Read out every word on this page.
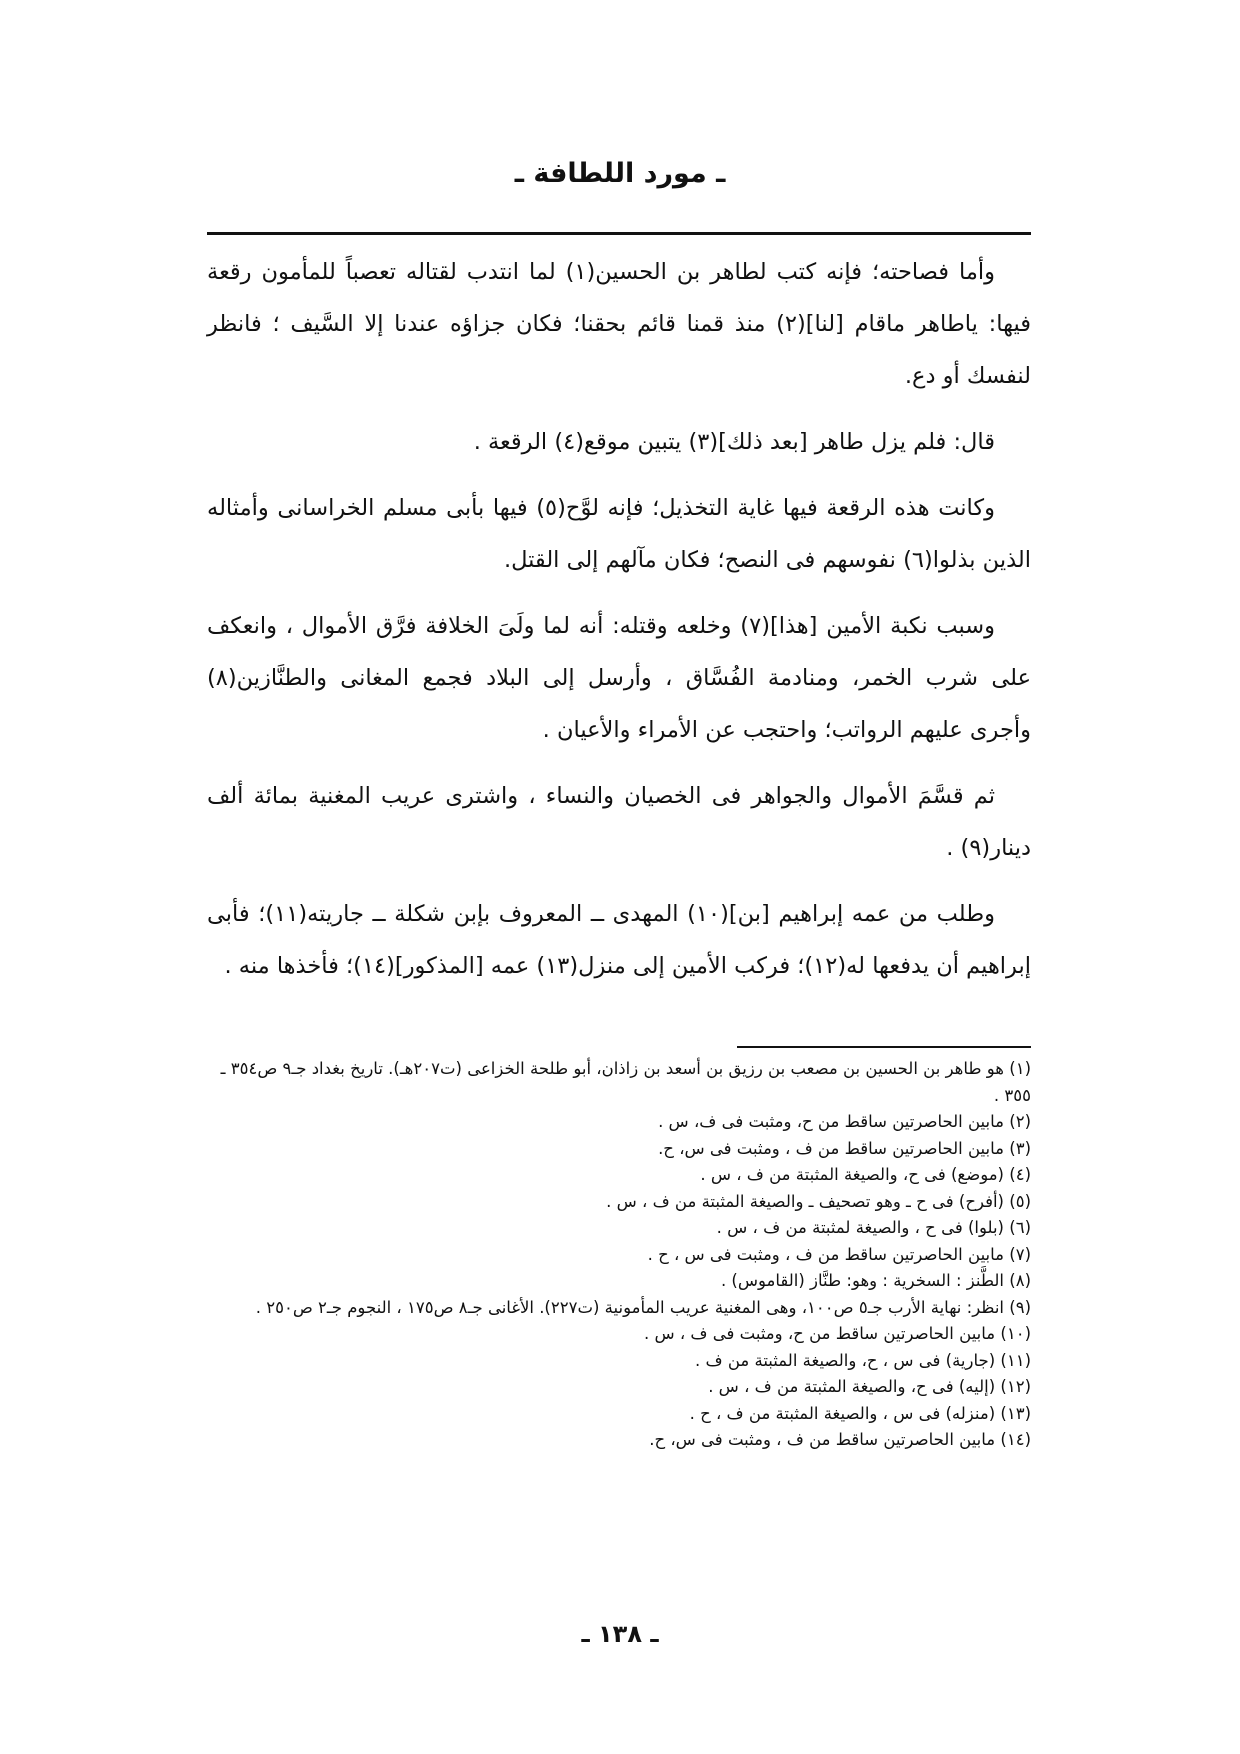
ـ مورد اللطافة ـ

وأما فصاحته؛ فإنه كتب لطاهر بن الحسين(١) لما انتدب لقتاله تعصباً للمأمون رقعة فيها: ياطاهر ماقام [لنا](٢) منذ قمنا قائم بحقنا؛ فكان جزاؤه عندنا إلا السَّيف ؛ فانظر لنفسك أو دع.

قال: فلم يزل طاهر [بعد ذلك](٣) يتبين موقع(٤) الرقعة .

وكانت هذه الرقعة فيها غاية التخذيل؛ فإنه لوَّح(٥) فيها بأبى مسلم الخراسانى وأمثاله الذين بذلوا(٦) نفوسهم فى النصح؛ فكان مآلهم إلى القتل.

وسبب نكبة الأمين [هذا](٧) وخلعه وقتله: أنه لما ولَىَ الخلافة فرَّق الأموال ، وانعكف على شرب الخمر، ومنادمة الفُسَّاق ، وأرسل إلى البلاد فجمع المغانى والطنَّازين(٨) وأجرى عليهم الرواتب؛ واحتجب عن الأمراء والأعيان .

ثم قسَّمَ الأموال والجواهر فى الخصيان والنساء ، واشترى عريب المغنية بمائة ألف دينار(٩) .

وطلب من عمه إبراهيم [بن](١٠) المهدى ــ المعروف بإبن شكلة ــ جاريته(١١)؛ فأبى إبراهيم أن يدفعها له(١٢)؛ فركب الأمين إلى منزل(١٣) عمه [المذكور](١٤)؛ فأخذها منه .

(١) هو طاهر بن الحسين بن مصعب بن رزيق بن أسعد بن زاذان، أبو طلحة الخزاعى (ت٢٠٧هـ). تاريخ بغداد جـ٩ ص٣٥٤ ـ ٣٥٥ .

(٢) مابين الحاصرتين ساقط من ح، ومثبت فى ف، س .

(٣) مابين الحاصرتين ساقط من ف ، ومثبت فى س، ح.

(٤) (موضع) فى ح، والصيغة المثبتة من ف ، س .

(٥) (أفرح) فى ح ـ وهو تصحيف ـ والصيغة المثبتة من ف ، س .

(٦) (بلوا) فى ح ، والصيغة لمثبتة من ف ، س .

(٧) مابين الحاصرتين ساقط من ف ، ومثبت فى س ، ح .

(٨) الطَّنز : السخرية : وهو: طنَّاز (القاموس) .

(٩) انظر: نهاية الأرب جـ٥ ص١٠٠، وهى المغنية عريب المأمونية (ت٢٢٧). الأغانى جـ٨ ص١٧٥ ، النجوم جـ٢ ص٢٥٠ .

(١٠) مابين الحاصرتين ساقط من ح، ومثبت فى ف ، س .

(١١) (جارية) فى س ، ح، والصيغة المثبتة من ف .

(١٢) (إليه) فى ح، والصيغة المثبتة من ف ، س .

(١٣) (منزله) فى س ، والصيغة المثبتة من ف ، ح .

(١٤) مابين الحاصرتين ساقط من ف ، ومثبت فى س، ح.

ـ ١٣٨ ـ
